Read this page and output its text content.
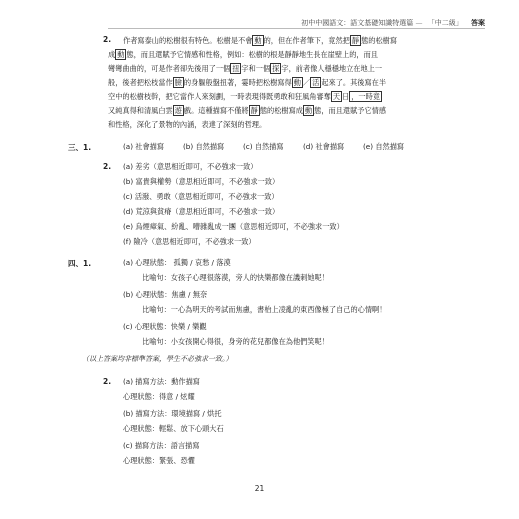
初中中國語文：語文基礎知識特選篇 — 「中二級」 答案
2. 作者寫泰山的松樹很有特色。松樹是不會 動 的，但在作者筆下，竟然把 靜 態的松樹寫
成 動 態，而且還賦予它情感和性格，例如：松樹的根是靜靜地生長在崖壁上的，而且
彎彎曲曲的，可是作者卻先後用了一個 扭 字和一個 探 字，前者像人穩穩地立在地上一
般，後者把松枝當作 臉 的身軀般盤扭著，霎時把松樹寫得 動 ／ 活 起來了。其後寫在半
空中的松樹枝幹，把它當作人來刻劃，一時表現得既勇敢和狂風角審奪 天 日 ，一時竟
又純真得和清風白雲 遊 戲。這種描寫不僅將 靜 態的松樹寫成 動 態，而且還賦予它情感
和性格，深化了景物的內涵，表達了深刻的哲理。
三、1.	(a) 社會描寫	(b) 自然描寫	(c) 自然描寫	(d) 社會描寫	(e) 自然描寫
2. (a) 差劣（意思相近即可，不必強求一致）
(b) 富貴與權勢（意思相近即可，不必強求一致）
(c) 活潑、勇敢（意思相近即可，不必強求一致）
(d) 荒涼與貧瘠（意思相近即可，不必強求一致）
(e) 烏煙瘴氣、紛亂、嘈雜亂成一團（意思相近即可，不必強求一致）
(f) 險冷（意思相近即可，不必強求一致）
四、1.	(a) 心理狀態： 孤獨 / 哀愁 / 落漠
比喻句：女孩子心理很落漠，旁人的快樂都像在譏刺她呢！
(b) 心理狀態：焦慮 / 無奈
比喻句：一心為明天的考試而焦慮，書枱上凌亂的東西像極了自己的心情啊！
(c) 心理狀態：快樂 / 樂觀
比喻句：小女孩開心得很，身旁的花兒都像在為他們笑呢！
（以上答案均非標準答案，學生不必強求一致。）
2. (a) 描寫方法：動作描寫
心理狀態：得意 / 炫耀
(b) 描寫方法：環境描寫 / 烘托
心理狀態：輕鬆、放下心頭大石
(c) 描寫方法：語言描寫
心理狀態：緊張、恐懼
21
